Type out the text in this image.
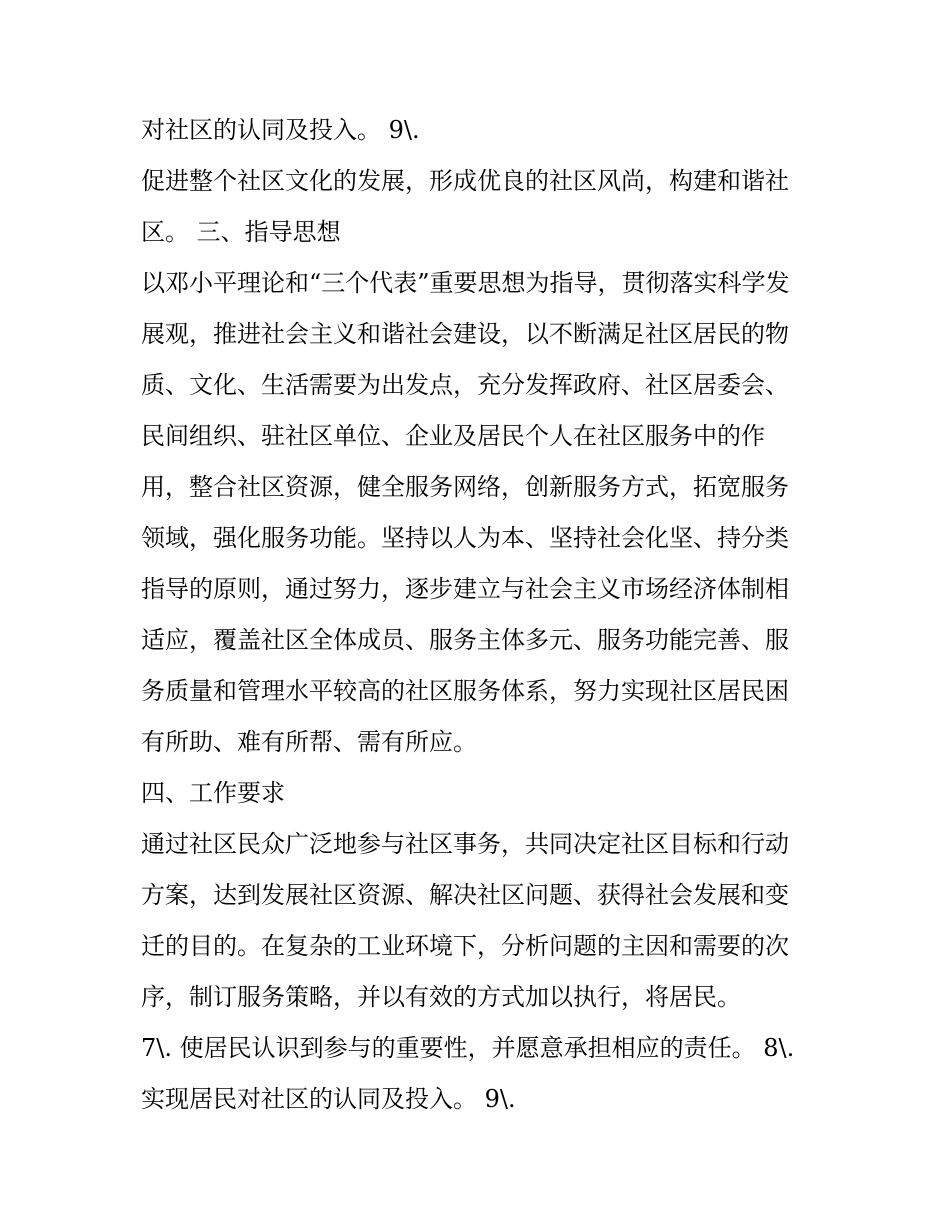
对社区的认同及投入。 9\.
促进整个社区文化的发展，形成优良的社区风尚，构建和谐社
区。 三、指导思想
以邓小平理论和“三个代表”重要思想为指导，贯彻落实科学发
展观，推进社会主义和谐社会建设，以不断满足社区居民的物
质、文化、生活需要为出发点，充分发挥政府、社区居委会、
民间组织、驻社区单位、企业及居民个人在社区服务中的作
用，整合社区资源，健全服务网络，创新服务方式，拓宽服务
领域，强化服务功能。坚持以人为本、坚持社会化坚、持分类
指导的原则，通过努力，逐步建立与社会主义市场经济体制相
适应，覆盖社区全体成员、服务主体多元、服务功能完善、服
务质量和管理水平较高的社区服务体系，努力实现社区居民困
有所助、难有所帮、需有所应。
四、工作要求
通过社区民众广泛地参与社区事务，共同决定社区目标和行动
方案，达到发展社区资源、解决社区问题、获得社会发展和变
迁的目的。在复杂的工业环境下，分析问题的主因和需要的次
序，制订服务策略，并以有效的方式加以执行，将居民。
7\. 使居民认识到参与的重要性，并愿意承担相应的责任。 8\.
实现居民对社区的认同及投入。 9\.
